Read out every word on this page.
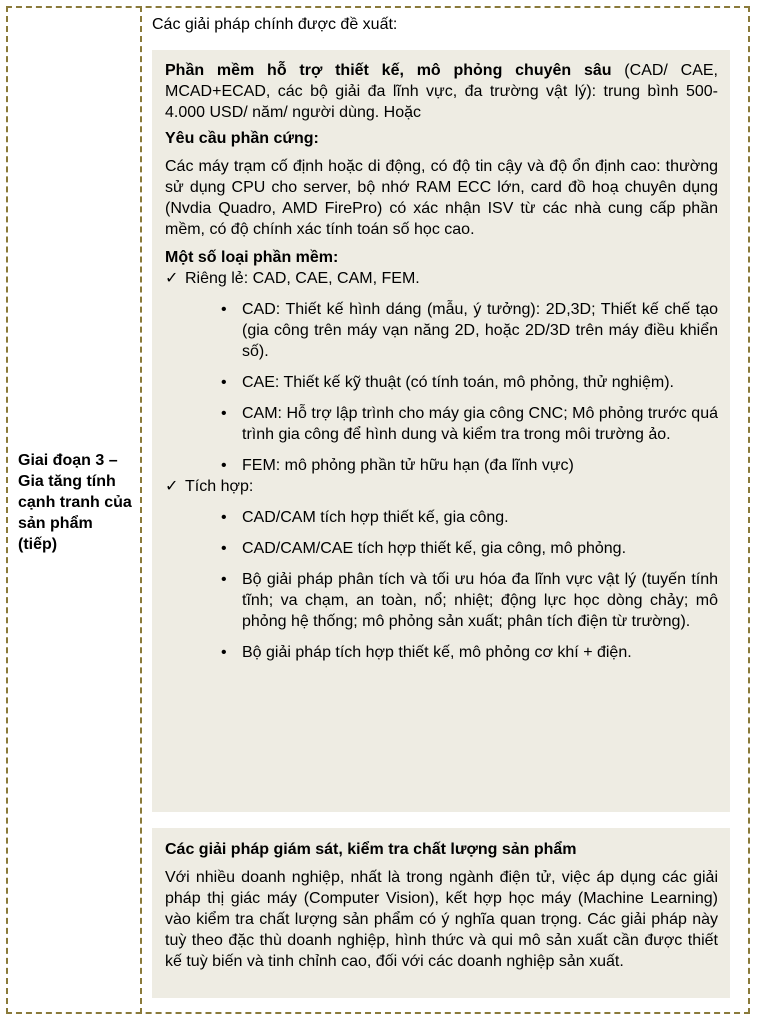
Giai đoạn 3 – Gia tăng tính cạnh tranh của sản phẩm (tiếp)
Các giải pháp chính được đề xuất:

Phần mềm hỗ trợ thiết kế, mô phỏng chuyên sâu (CAD/ CAE, MCAD+ECAD, các bộ giải đa lĩnh vực, đa trường vật lý): trung bình 500-4.000 USD/ năm/ người dùng. Hoặc

Yêu cầu phần cứng:

Các máy trạm cố định hoặc di động, có độ tin cậy và độ ổn định cao: thường sử dụng CPU cho server, bộ nhớ RAM ECC lớn, card đồ hoạ chuyên dụng (Nvdia Quadro, AMD FirePro) có xác nhận ISV từ các nhà cung cấp phần mềm, có độ chính xác tính toán số học cao.

Một số loại phần mềm:

✓ Riêng lẻ: CAD, CAE, CAM, FEM.

• CAD: Thiết kế hình dáng (mẫu, ý tưởng): 2D,3D; Thiết kế chế tạo (gia công trên máy vạn năng 2D, hoặc 2D/3D trên máy điều khiển số).
• CAE: Thiết kế kỹ thuật (có tính toán, mô phỏng, thử nghiệm).
• CAM: Hỗ trợ lập trình cho máy gia công CNC; Mô phỏng trước quá trình gia công để hình dung và kiểm tra trong môi trường ảo.
• FEM: mô phỏng phần tử hữu hạn (đa lĩnh vực)

✓ Tích hợp:

• CAD/CAM tích hợp thiết kế, gia công.
• CAD/CAM/CAE tích hợp thiết kế, gia công, mô phỏng.
• Bộ giải pháp phân tích và tối ưu hóa đa lĩnh vực vật lý (tuyến tính tĩnh; va chạm, an toàn, nổ; nhiệt; động lực học dòng chảy; mô phỏng hệ thống; mô phỏng sản xuất; phân tích điện từ trường).
• Bộ giải pháp tích hợp thiết kế, mô phỏng cơ khí + điện.

Các giải pháp giám sát, kiểm tra chất lượng sản phẩm

Với nhiều doanh nghiệp, nhất là trong ngành điện tử, việc áp dụng các giải pháp thị giác máy (Computer Vision), kết hợp học máy (Machine Learning) vào kiểm tra chất lượng sản phẩm có ý nghĩa quan trọng. Các giải pháp này tuỳ theo đặc thù doanh nghiệp, hình thức và qui mô sản xuất cần được thiết kế tuỳ biến và tinh chỉnh cao, đối với các doanh nghiệp sản xuất.
